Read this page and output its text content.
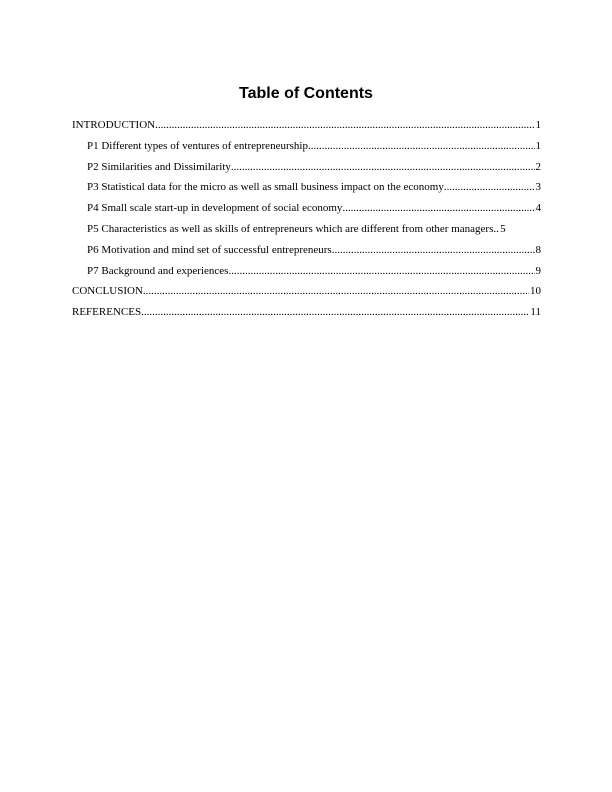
Table of Contents
INTRODUCTION .....	1
P1 Different types of ventures of entrepreneurship .....	1
P2 Similarities and Dissimilarity .....	2
P3 Statistical data for the micro as well as small business impact on the economy .....	3
P4 Small scale start-up in development of social economy .....	4
P5 Characteristics as well as skills of entrepreneurs which are different from other managers. ..... 5
P6 Motivation and mind set of successful entrepreneurs .....	8
P7 Background and experiences .....	9
CONCLUSION .....	10
REFERENCES .....	11
